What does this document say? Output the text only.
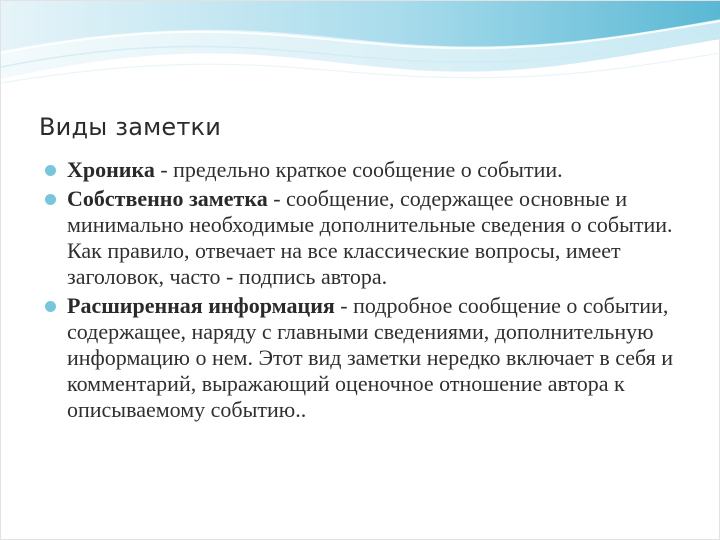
Виды заметки
Хроника - предельно краткое сообщение о событии.
Собственно заметка - сообщение, содержащее основные и минимально необходимые дополнительные сведения о событии. Как правило, отвечает на все классические вопросы, имеет заголовок, часто - подпись автора.
Расширенная информация - подробное сообщение о событии, содержащее, наряду с главными сведениями, дополнительную информацию о нем. Этот вид заметки нередко включает в себя и комментарий, выражающий оценочное отношение автора к описываемому событию..
